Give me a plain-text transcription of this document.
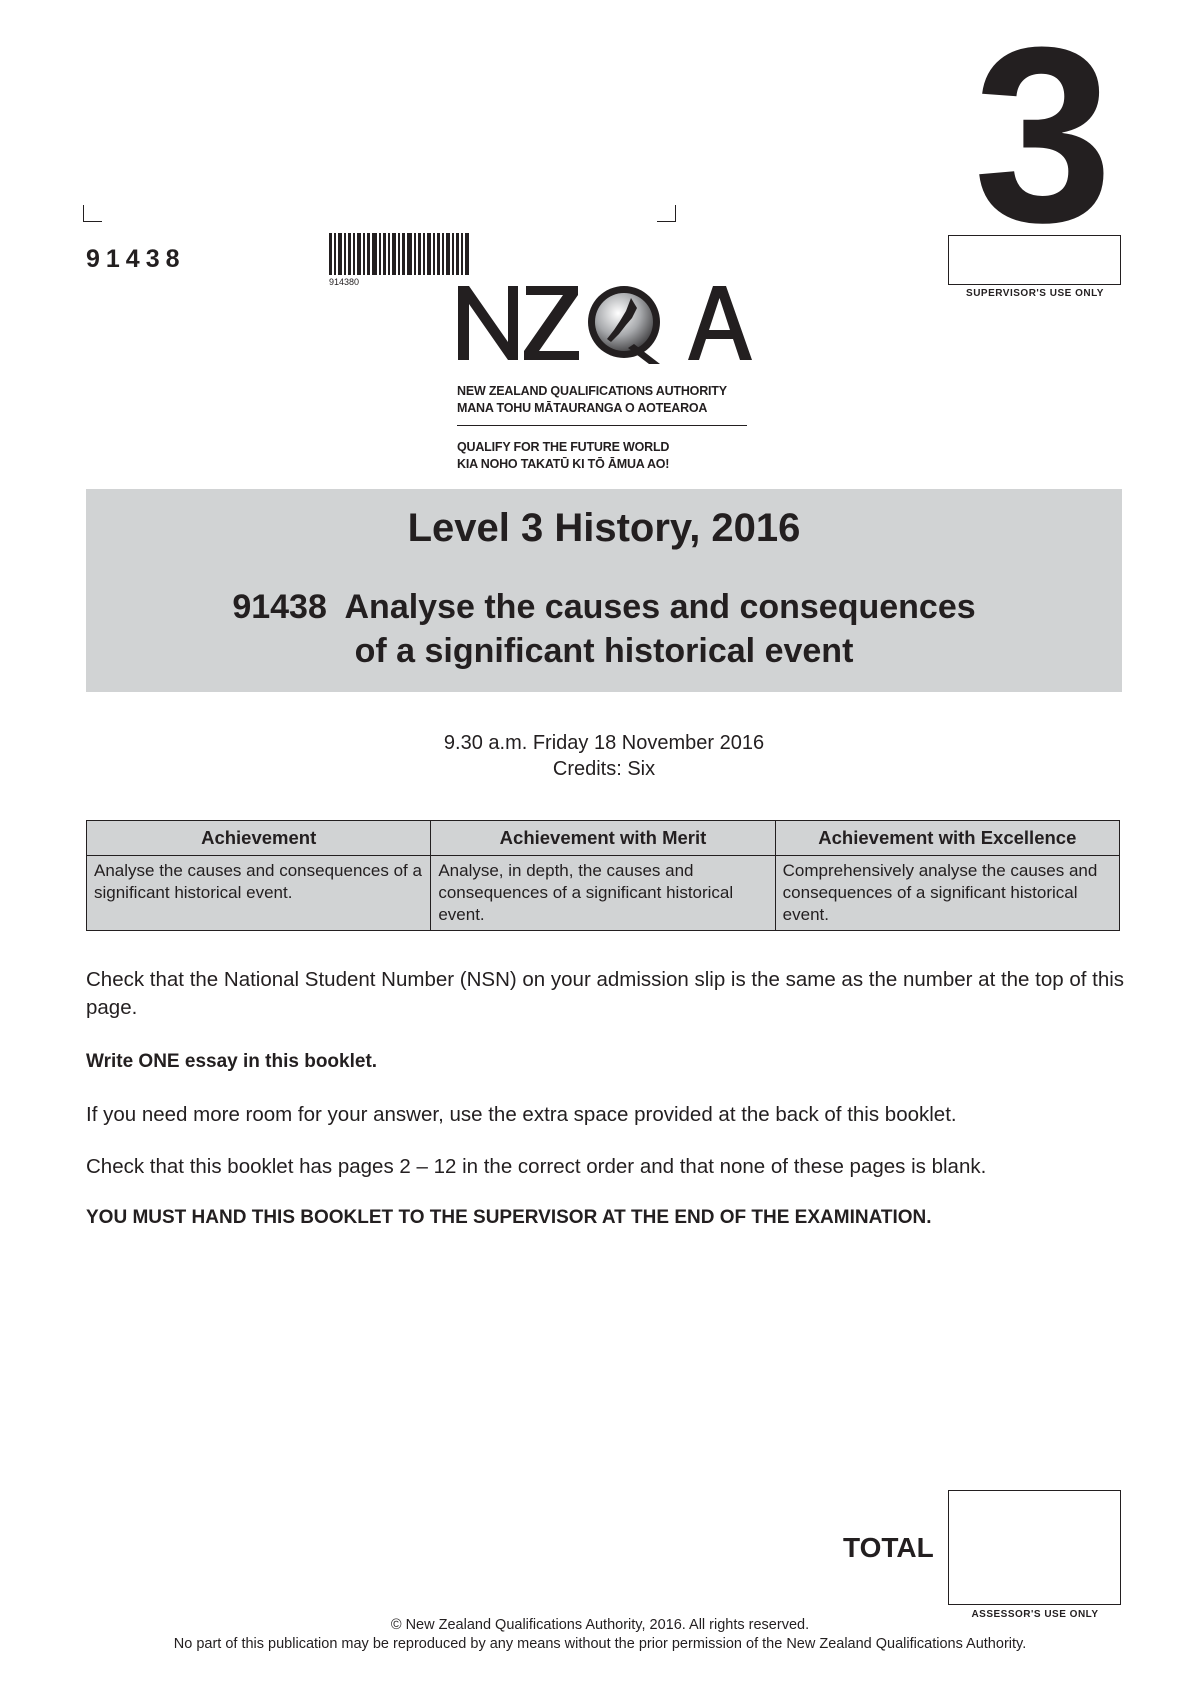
3
SUPERVISOR'S USE ONLY
91438
914380
NEW ZEALAND QUALIFICATIONS AUTHORITY
MANA TOHU MĀTAURANGA O AOTEAROA
QUALIFY FOR THE FUTURE WORLD
KIA NOHO TAKATŪ KI TŌ ĀMUA AO!
Level 3 History, 2016
91438  Analyse the causes and consequences
of a significant historical event
9.30 a.m. Friday 18 November 2016
Credits: Six
Achievement	Achievement with Merit	Achievement with Excellence
Analyse the causes and consequences of a significant historical event.	Analyse, in depth, the causes and consequences of a significant historical event.	Comprehensively analyse the causes and consequences of a significant historical event.
Check that the National Student Number (NSN) on your admission slip is the same as the number at the top of this page.
Write ONE essay in this booklet.
If you need more room for your answer, use the extra space provided at the back of this booklet.
Check that this booklet has pages 2 – 12 in the correct order and that none of these pages is blank.
YOU MUST HAND THIS BOOKLET TO THE SUPERVISOR AT THE END OF THE EXAMINATION.
TOTAL
ASSESSOR'S USE ONLY
© New Zealand Qualifications Authority, 2016. All rights reserved.
No part of this publication may be reproduced by any means without the prior permission of the New Zealand Qualifications Authority.
